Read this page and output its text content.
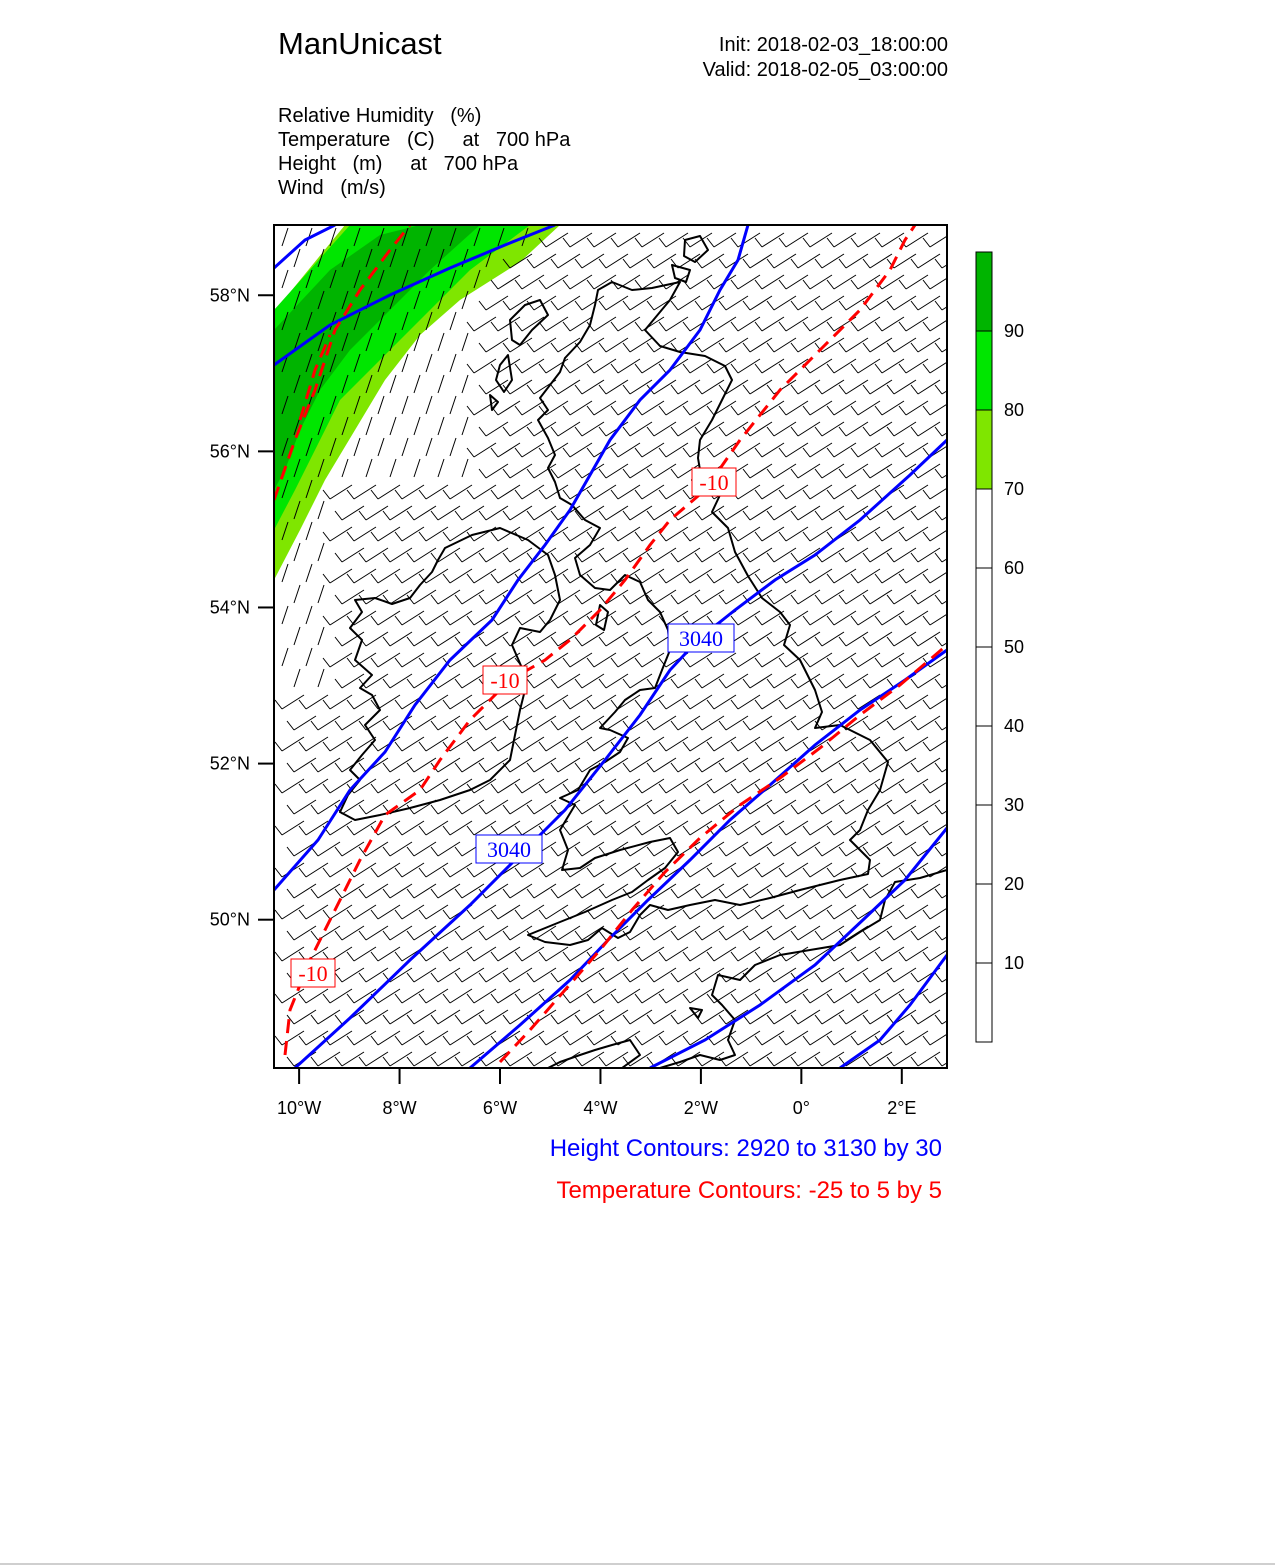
ManUnicast	Init: 2018-02-03_18:00:00
Valid: 2018-02-05_03:00:00
Relative Humidity   (%)
Temperature   (C)     at   700 hPa
Height   (m)     at   700 hPa
Wind   (m/s)
-10
-10
-10
3040
3040
58°N
56°N
54°N
52°N
50°N
10°W	8°W	6°W	4°W	2°W	0°	2°E
90
80
70
60
50
40
30
20
10
Height Contours: 2920 to 3130 by 30
Temperature Contours: -25 to 5 by 5
